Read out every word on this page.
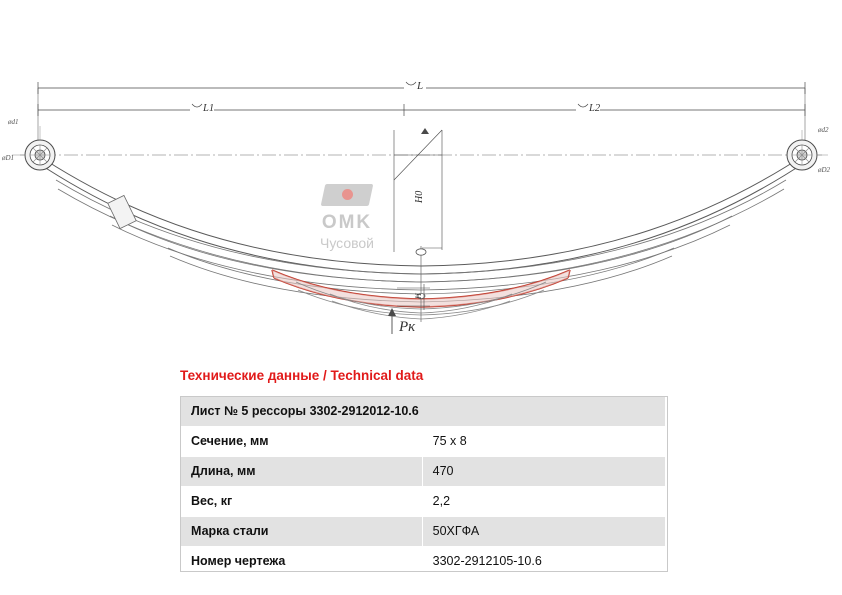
L
L1	L2
ød1
øD1
ød2
øD2
H0
H
Pк
OMK
Чусовой
Технические данные / Technical data
Лист № 5 рессоры 3302-2912012-10.6	
Сечение, мм	75 х 8
Длина, мм	470
Вес, кг	2,2
Марка стали	50ХГФА
Номер чертежа	3302-2912105-10.6
